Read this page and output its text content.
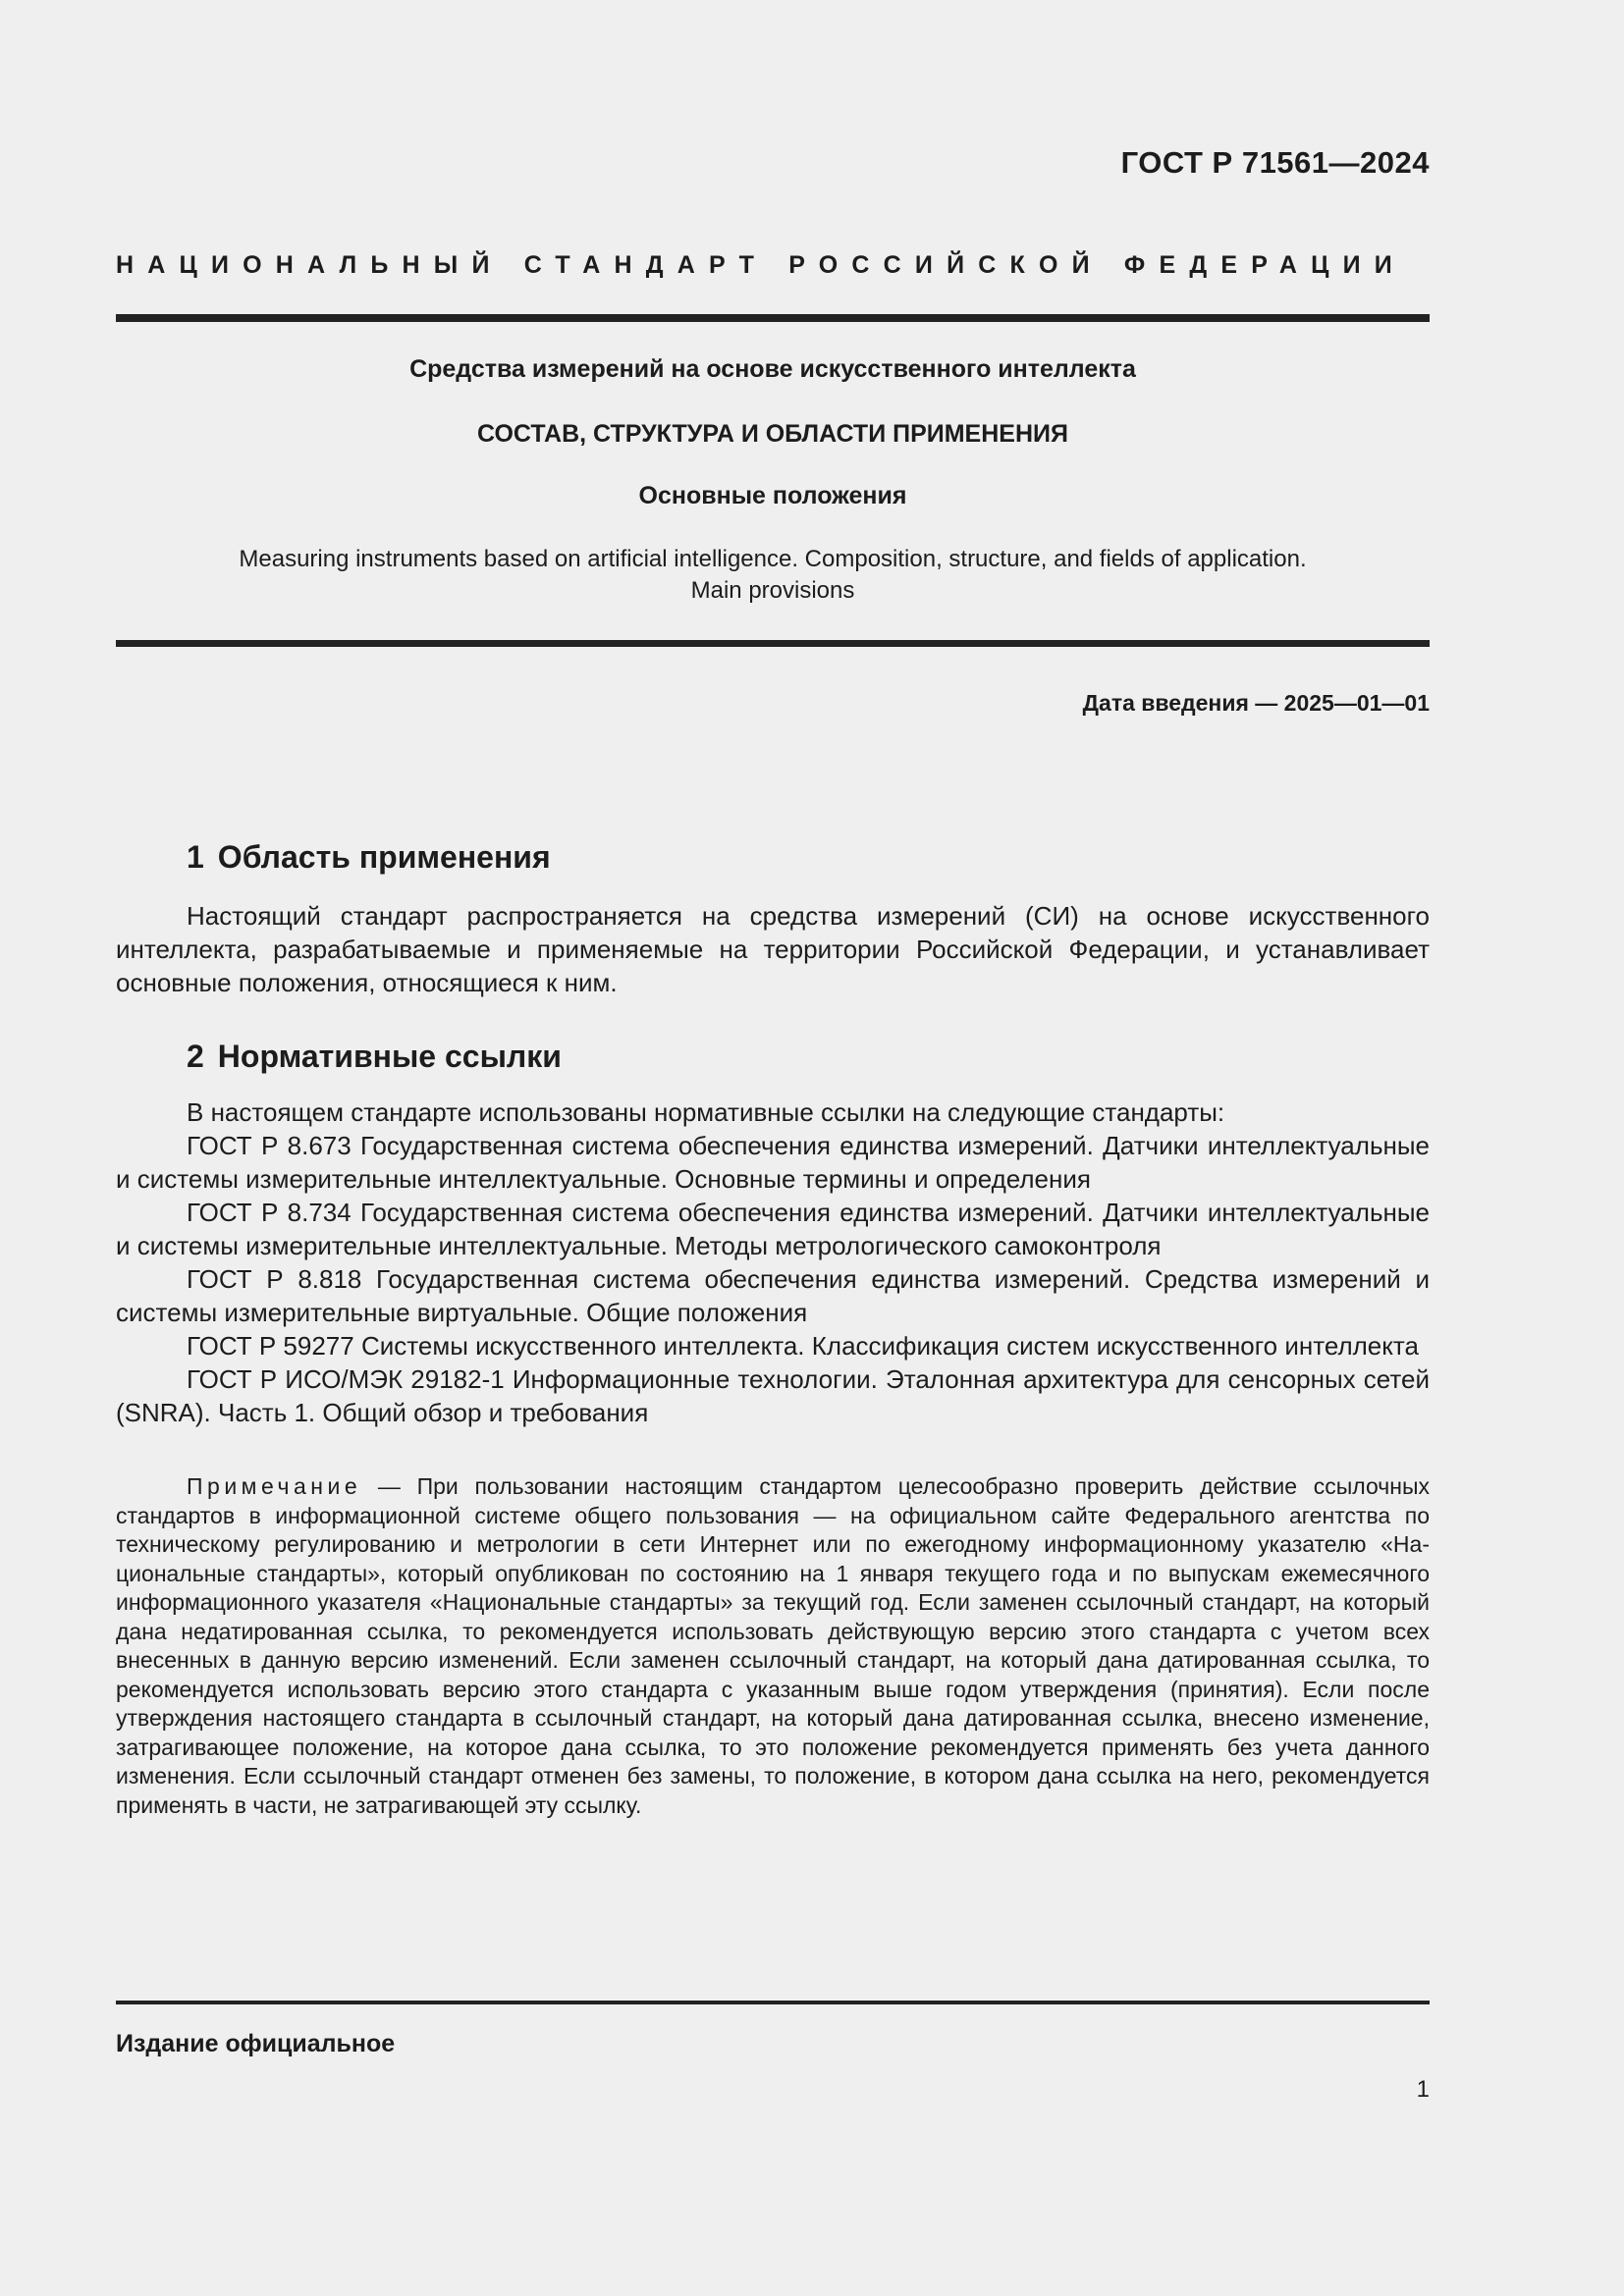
ГОСТ Р 71561—2024
НАЦИОНАЛЬНЫЙ СТАНДАРТ РОССИЙСКОЙ ФЕДЕРАЦИИ
Средства измерений на основе искусственного интеллекта
СОСТАВ, СТРУКТУРА И ОБЛАСТИ ПРИМЕНЕНИЯ
Основные положения
Measuring instruments based on artificial intelligence. Composition, structure, and fields of application.
Main provisions
Дата введения — 2025—01—01
1 Область применения
Настоящий стандарт распространяется на средства измерений (СИ) на основе искусственного интеллекта, разрабатываемые и применяемые на территории Российской Федерации, и устанавливает основные положения, относящиеся к ним.
2 Нормативные ссылки
В настоящем стандарте использованы нормативные ссылки на следующие стандарты:

ГОСТ Р 8.673 Государственная система обеспечения единства измерений. Датчики интеллектуальные и системы измерительные интеллектуальные. Основные термины и определения

ГОСТ Р 8.734 Государственная система обеспечения единства измерений. Датчики интеллектуальные и системы измерительные интеллектуальные. Методы метрологического самоконтроля

ГОСТ Р 8.818 Государственная система обеспечения единства измерений. Средства измерений и системы измерительные виртуальные. Общие положения

ГОСТ Р 59277 Системы искусственного интеллекта. Классификация систем искусственного интеллекта

ГОСТ Р ИСО/МЭК 29182-1 Информационные технологии. Эталонная архитектура для сенсорных сетей (SNRA). Часть 1. Общий обзор и требования

Примечание — При пользовании настоящим стандартом целесообразно проверить действие ссылочных стандартов в информационной системе общего пользования — на официальном сайте Федерального агентства по техническому регулированию и метрологии в сети Интернет или по ежегодному информационному указателю «Национальные стандарты», который опубликован по состоянию на 1 января текущего года и по выпускам ежемесячного информационного указателя «Национальные стандарты» за текущий год. Если заменен ссылочный стандарт, на который дана недатированная ссылка, то рекомендуется использовать действующую версию этого стандарта с учетом всех внесенных в данную версию изменений. Если заменен ссылочный стандарт, на который дана датированная ссылка, то рекомендуется использовать версию этого стандарта с указанным выше годом утверждения (принятия). Если после утверждения настоящего стандарта в ссылочный стандарт, на который дана датированная ссылка, внесено изменение, затрагивающее положение, на которое дана ссылка, то это положение рекомендуется применять без учета данного изменения. Если ссылочный стандарт отменен без замены, то положение, в котором дана ссылка на него, рекомендуется применять в части, не затрагивающей эту ссылку.
Издание официальное
1
